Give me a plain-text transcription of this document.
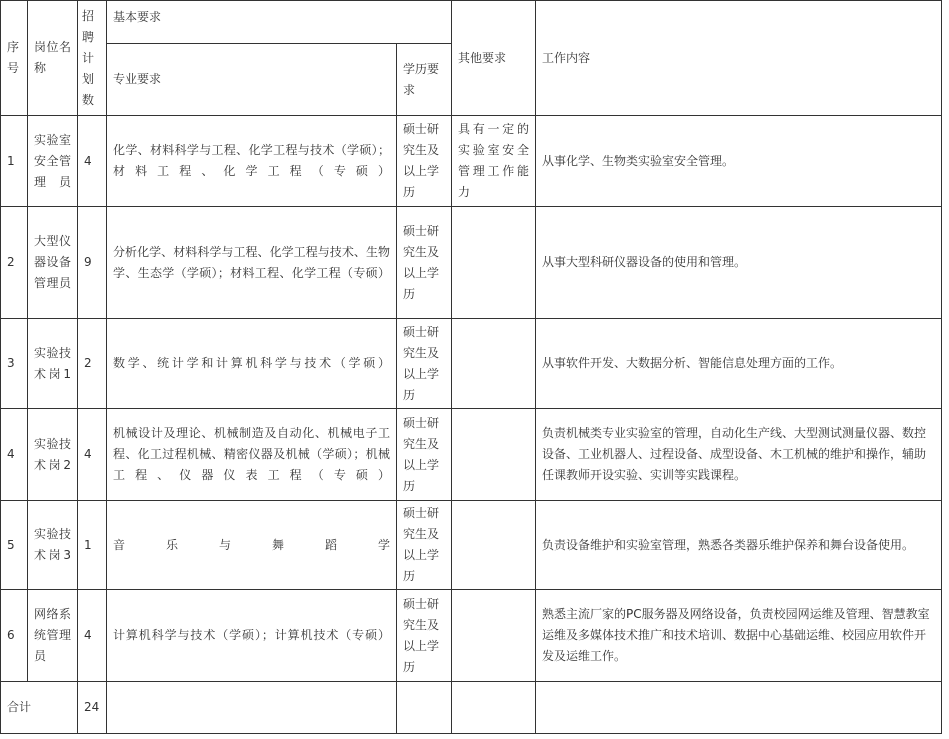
序号	岗位名称	招聘计划数	基本要求		其他要求	工作内容
			专业要求	学历要求		
1	实验室安全管理员	4	化学、材料科学与工程、化学工程与技术（学硕）；材料工程、化学工程（专硕）	硕士研究生及以上学历	具有一定的实验室安全管理工作能力	从事化学、生物类实验室安全管理。
2	大型仪器设备管理员	9	分析化学、材料科学与工程、化学工程与技术、生物学、生态学（学硕）；材料工程、化学工程（专硕）	硕士研究生及以上学历		从事大型科研仪器设备的使用和管理。
3	实验技术岗1	2	数学、统计学和计算机科学与技术（学硕）	硕士研究生及以上学历		从事软件开发、大数据分析、智能信息处理方面的工作。
4	实验技术岗2	4	机械设计及理论、机械制造及自动化、机械电子工程、化工过程机械、精密仪器及机械（学硕）；机械工程、仪器仪表工程（专硕）	硕士研究生及以上学历		负责机械类专业实验室的管理，自动化生产线、大型测试测量仪器、数控设备、工业机器人、过程设备、成型设备、木工机械的维护和操作，辅助任课教师开设实验、实训等实践课程。
5	实验技术岗3	1	音乐与舞蹈学	硕士研究生及以上学历		负责设备维护和实验室管理，熟悉各类器乐维护保养和舞台设备使用。
6	网络系统管理员	4	计算机科学与技术（学硕）；计算机技术（专硕）	硕士研究生及以上学历		熟悉主流厂家的PC服务器及网络设备，负责校园网运维及管理、智慧教室运维及多媒体技术推广和技术培训、数据中心基础运维、校园应用软件开发及运维工作。
合计		24				
